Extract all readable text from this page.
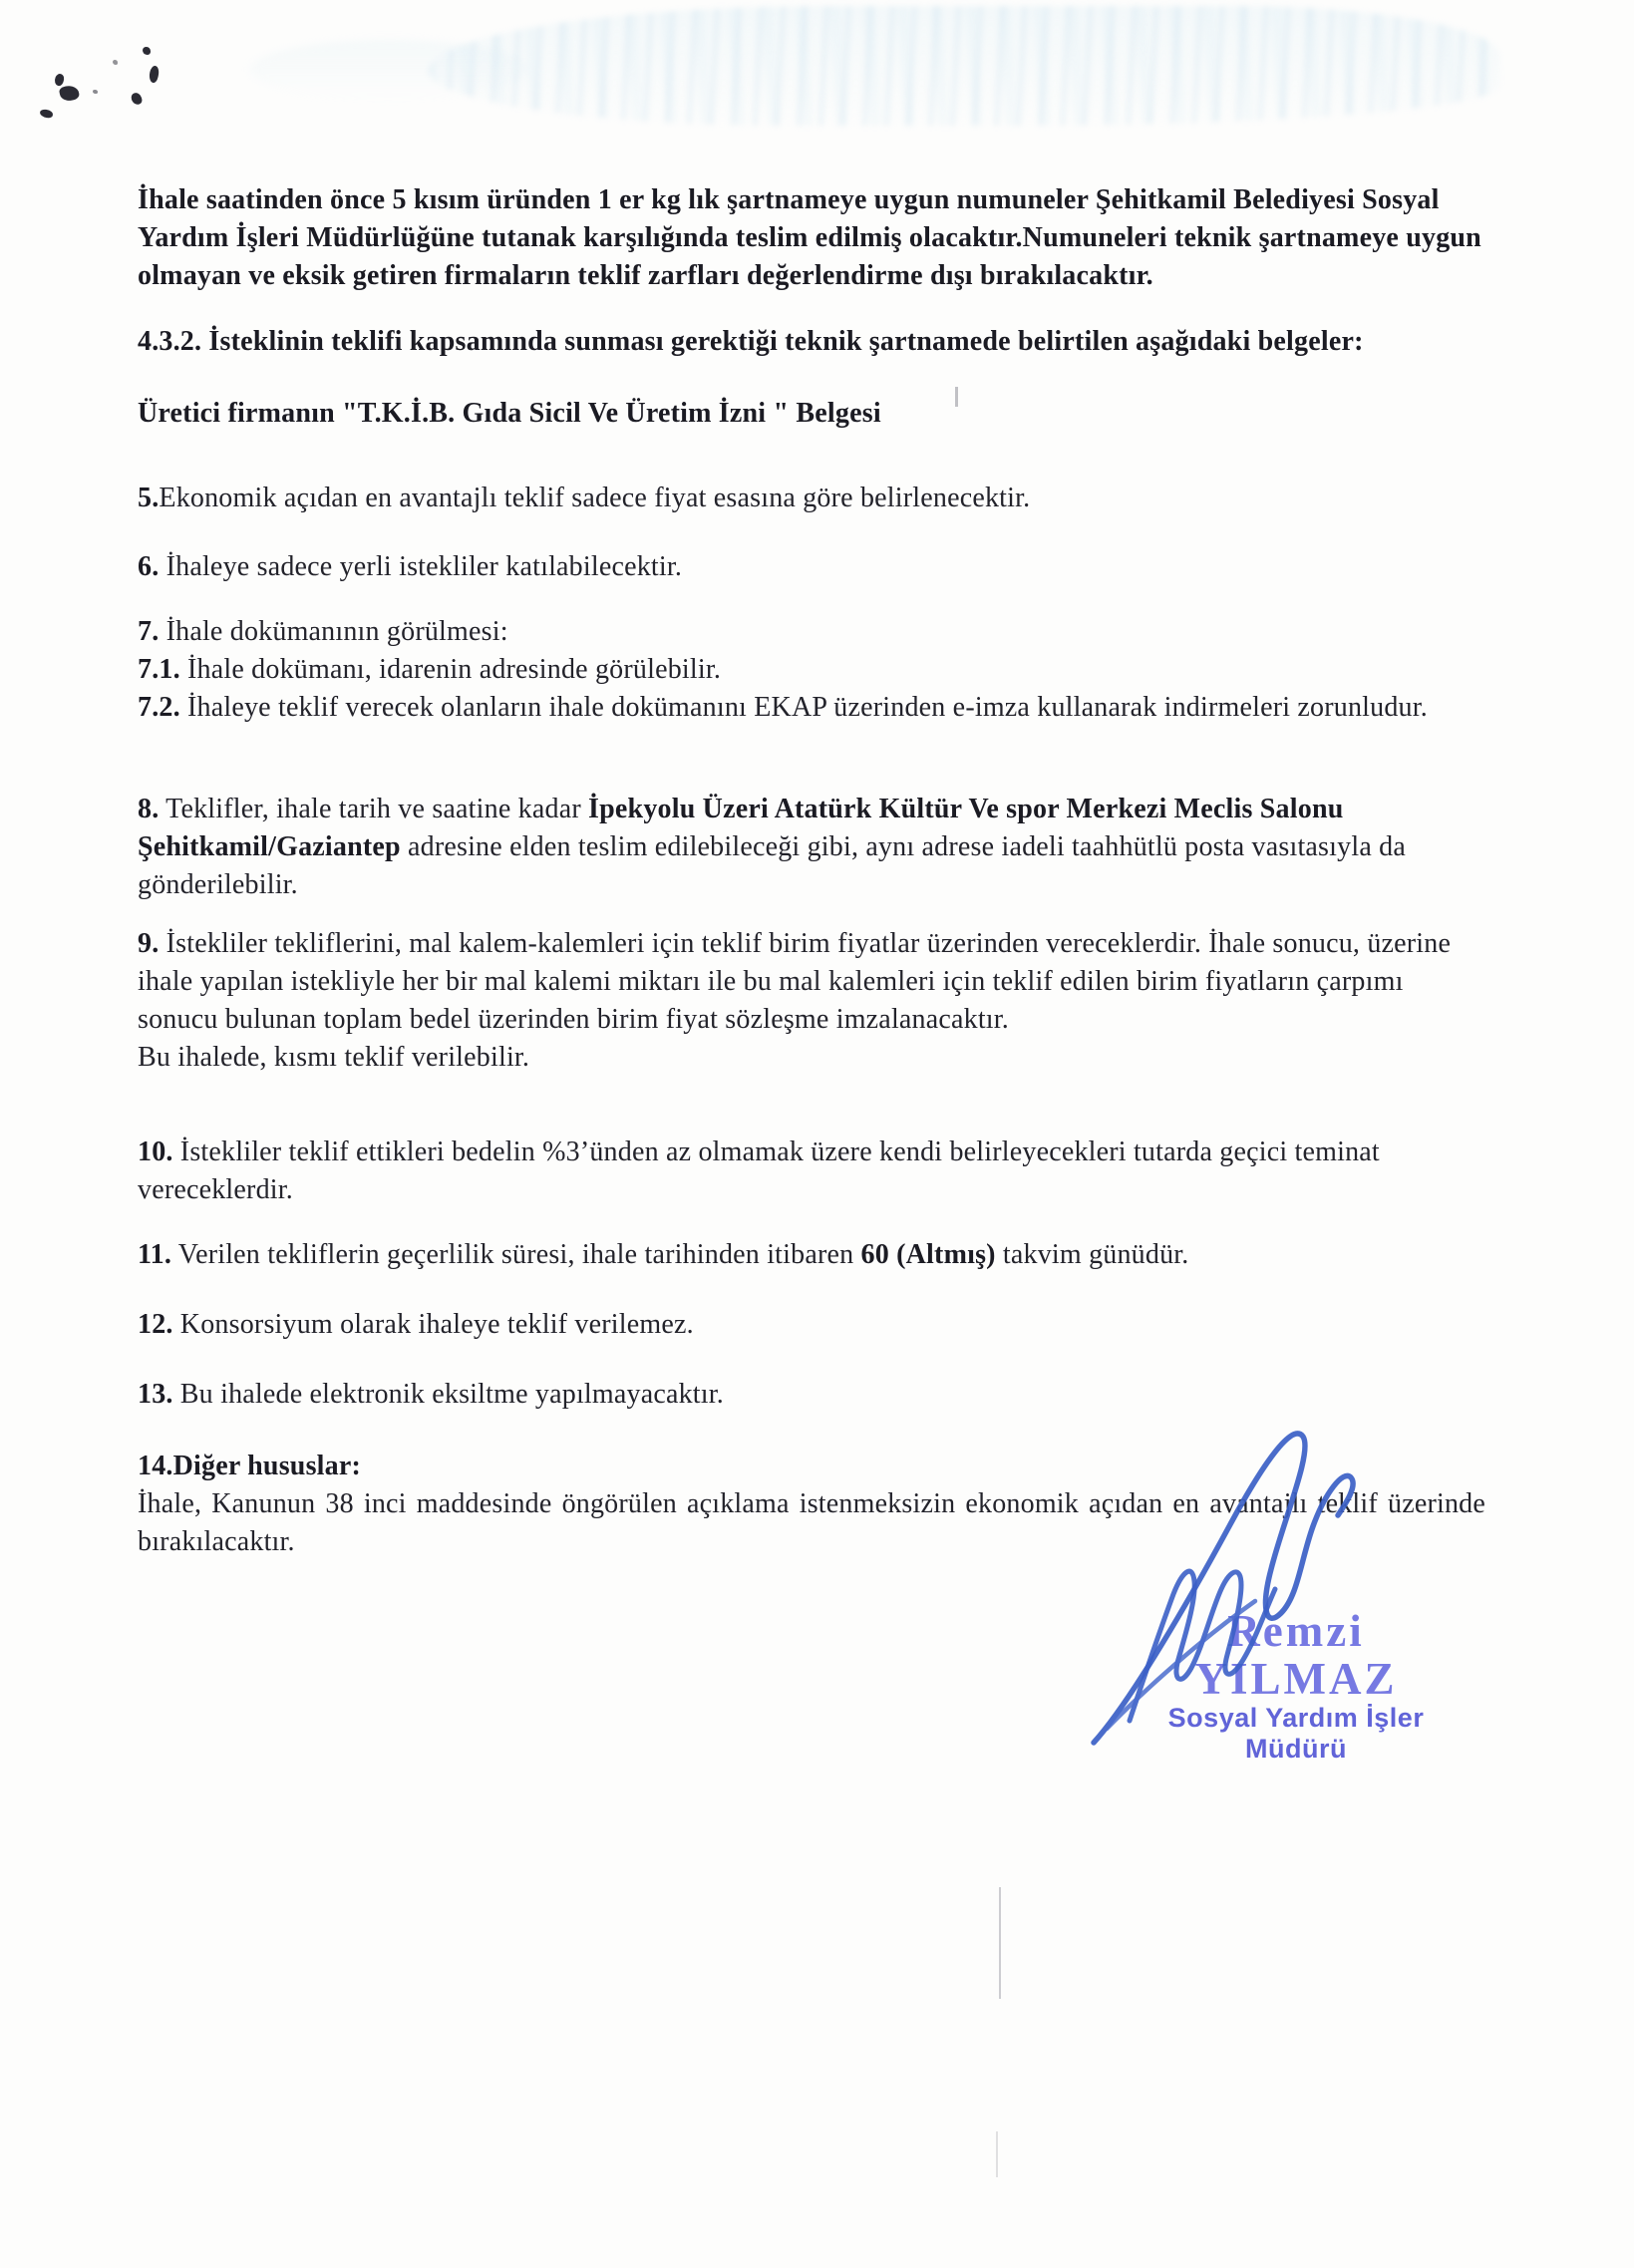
İhale saatinden önce 5 kısım üründen 1 er kg lık şartnameye uygun numuneler Şehitkamil Belediyesi Sosyal Yardım İşleri Müdürlüğüne tutanak karşılığında teslim edilmiş olacaktır.Numuneleri teknik şartnameye uygun olmayan ve eksik getiren firmaların teklif zarfları değerlendirme dışı bırakılacaktır.
4.3.2. İsteklinin teklifi kapsamında sunması gerektiği teknik şartnamede belirtilen aşağıdaki belgeler:
Üretici firmanın "T.K.İ.B. Gıda Sicil Ve Üretim İzni " Belgesi
5.Ekonomik açıdan en avantajlı teklif sadece fiyat esasına göre belirlenecektir.
6. İhaleye sadece yerli istekliler katılabilecektir.
7. İhale dokümanının görülmesi:
7.1. İhale dokümanı, idarenin adresinde görülebilir.
7.2. İhaleye teklif verecek olanların ihale dokümanını EKAP üzerinden e-imza kullanarak indirmeleri zorunludur.
8. Teklifler, ihale tarih ve saatine kadar İpekyolu Üzeri Atatürk Kültür Ve spor Merkezi Meclis Salonu Şehitkamil/Gaziantep adresine elden teslim edilebileceği gibi, aynı adrese iadeli taahhütlü posta vasıtasıyla da gönderilebilir.
9. İstekliler tekliflerini, mal kalem-kalemleri için teklif birim fiyatlar üzerinden vereceklerdir. İhale sonucu, üzerine ihale yapılan istekliyle her bir mal kalemi miktarı ile bu mal kalemleri için teklif edilen birim fiyatların çarpımı sonucu bulunan toplam bedel üzerinden birim fiyat sözleşme imzalanacaktır.
Bu ihalede, kısmı teklif verilebilir.
10. İstekliler teklif ettikleri bedelin %3’ünden az olmamak üzere kendi belirleyecekleri tutarda geçici teminat vereceklerdir.
11. Verilen tekliflerin geçerlilik süresi, ihale tarihinden itibaren 60 (Altmış) takvim günüdür.
12. Konsorsiyum olarak ihaleye teklif verilemez.
13. Bu ihalede elektronik eksiltme yapılmayacaktır.
14.Diğer hususlar:
İhale, Kanunun 38 inci maddesinde öngörülen açıklama istenmeksizin ekonomik açıdan en avantajlı teklif üzerinde bırakılacaktır.
Remzi YILMAZ
Sosyal Yardım İşler
Müdürü
